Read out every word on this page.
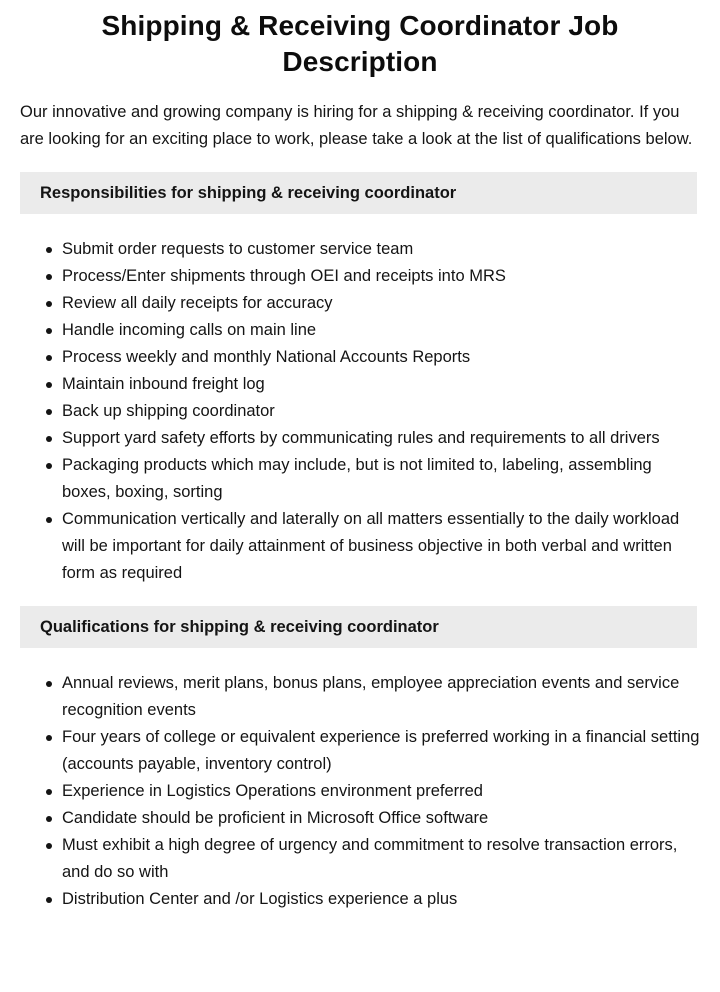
Shipping & Receiving Coordinator Job Description

Our innovative and growing company is hiring for a shipping & receiving coordinator. If you are looking for an exciting place to work, please take a look at the list of qualifications below.

Responsibilities for shipping & receiving coordinator
Submit order requests to customer service team
Process/Enter shipments through OEI and receipts into MRS
Review all daily receipts for accuracy
Handle incoming calls on main line
Process weekly and monthly National Accounts Reports
Maintain inbound freight log
Back up shipping coordinator
Support yard safety efforts by communicating rules and requirements to all drivers
Packaging products which may include, but is not limited to, labeling, assembling boxes, boxing, sorting
Communication vertically and laterally on all matters essentially to the daily workload will be important for daily attainment of business objective in both verbal and written form as required
Qualifications for shipping & receiving coordinator
Annual reviews, merit plans, bonus plans, employee appreciation events and service recognition events
Four years of college or equivalent experience is preferred working in a financial setting (accounts payable, inventory control)
Experience in Logistics Operations environment preferred
Candidate should be proficient in Microsoft Office software
Must exhibit a high degree of urgency and commitment to resolve transaction errors, and do so with
Distribution Center and /or Logistics experience a plus
